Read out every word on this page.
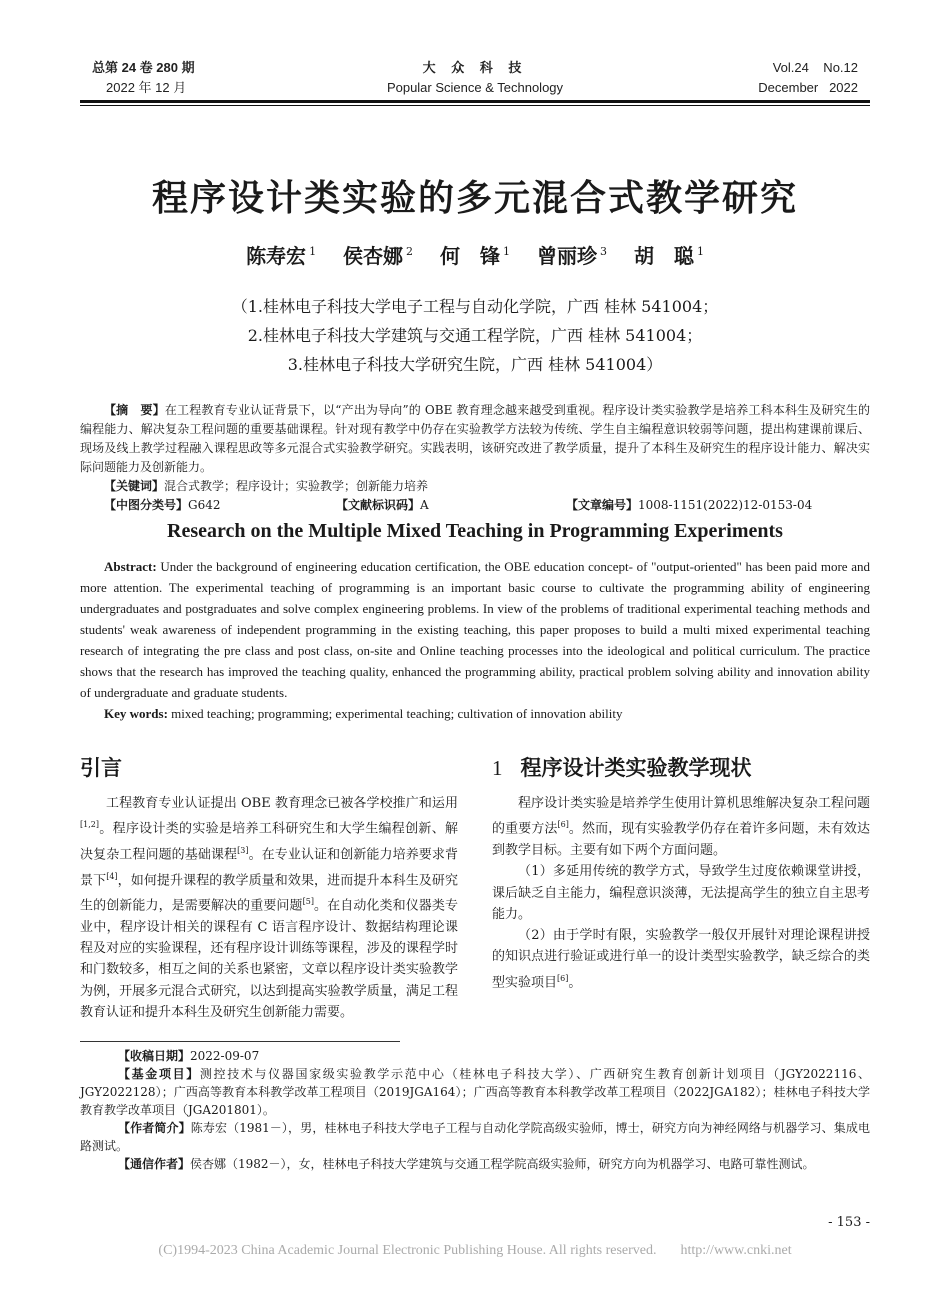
总第 24 卷 280 期
2022 年 12 月
大 众 科 技
Popular Science & Technology
Vol.24    No.12
December   2022
程序设计类实验的多元混合式教学研究
陈寿宏 $^1$ 侯杏娜 $^2$ 何　锋 $^1$ 曾丽珍 $^3$ 胡　聪 $^1$
（1.桂林电子科技大学电子工程与自动化学院，广西 桂林 541004；
2.桂林电子科技大学建筑与交通工程学院，广西 桂林 541004；
3.桂林电子科技大学研究生院，广西 桂林 541004）

【摘　要】在工程教育专业认证背景下，以“产出为导向”的 OBE 教育理念越来越受到重视。程序设计类实验教学是培养工科本科生及研究生的编程能力、解决复杂工程问题的重要基础课程。针对现有教学中仍存在实验教学方法较为传统、学生自主编程意识较弱等问题，提出构建课前课后、现场及线上教学过程融入课程思政等多元混合式实验教学研究。实践表明，该研究改进了教学质量，提升了本科生及研究生的程序设计能力、解决实际问题能力及创新能力。

【关键词】混合式教学；程序设计；实验教学；创新能力培养

【中图分类号】G642	【文献标识码】A	【文章编号】1008-1151(2022)12-0153-04
Research on the Multiple Mixed Teaching in Programming Experiments

Abstract: Under the background of engineering education certification, the OBE education concept- of "output-oriented" has been paid more and more attention. The experimental teaching of programming is an important basic course to cultivate the programming ability of engineering undergraduates and postgraduates and solve complex engineering problems. In view of the problems of traditional experimental teaching methods and students' weak awareness of independent programming in the existing teaching, this paper proposes to build a multi mixed experimental teaching research of integrating the pre class and post class, on-site and Online teaching processes into the ideological and political curriculum. The practice shows that the research has improved the teaching quality, enhanced the programming ability, practical problem solving ability and innovation ability of undergraduate and graduate students.

Key words: mixed teaching; programming; experimental teaching; cultivation of innovation ability

引言

工程教育专业认证提出 OBE 教育理念已被各学校推广和运用[1,2]。程序设计类的实验是培养工科研究生和大学生编程创新、解决复杂工程问题的基础课程[3]。在专业认证和创新能力培养要求背景下[4]，如何提升课程的教学质量和效果，进而提升本科生及研究生的创新能力，是需要解决的重要问题[5]。在自动化类和仪器类专业中，程序设计相关的课程有 C 语言程序设计、数据结构理论课程及对应的实验课程，还有程序设计训练等课程，涉及的课程学时和门数较多，相互之间的关系也紧密，文章以程序设计类实验教学为例，开展多元混合式研究，以达到提高实验教学质量，满足工程教育认证和提升本科生及研究生创新能力需要。

1 程序设计类实验教学现状

程序设计类实验是培养学生使用计算机思维解决复杂工程问题的重要方法[6]。然而，现有实验教学仍存在着许多问题，未有效达到教学目标。主要有如下两个方面问题。

（1）多延用传统的教学方式，导致学生过度依赖课堂讲授，课后缺乏自主能力，编程意识淡薄，无法提高学生的独立自主思考能力。

（2）由于学时有限，实验教学一般仅开展针对理论课程讲授的知识点进行验证或进行单一的设计类型实验教学，缺乏综合的类型实验项目[6]。

【收稿日期】2022-09-07

【基金项目】测控技术与仪器国家级实验教学示范中心（桂林电子科技大学）、广西研究生教育创新计划项目（JGY2022116、JGY2022128）；广西高等教育本科教学改革工程项目（2019JGA164）；广西高等教育本科教学改革工程项目（2022JGA182）；桂林电子科技大学教育教学改革项目（JGA201801）。

【作者简介】陈寿宏（1981－），男，桂林电子科技大学电子工程与自动化学院高级实验师，博士，研究方向为神经网络与机器学习、集成电路测试。

【通信作者】侯杏娜（1982－），女，桂林电子科技大学建筑与交通工程学院高级实验师，研究方向为机器学习、电路可靠性测试。

- 153 -
(C)1994-2023 China Academic Journal Electronic Publishing House. All rights reserved. http://www.cnki.net
